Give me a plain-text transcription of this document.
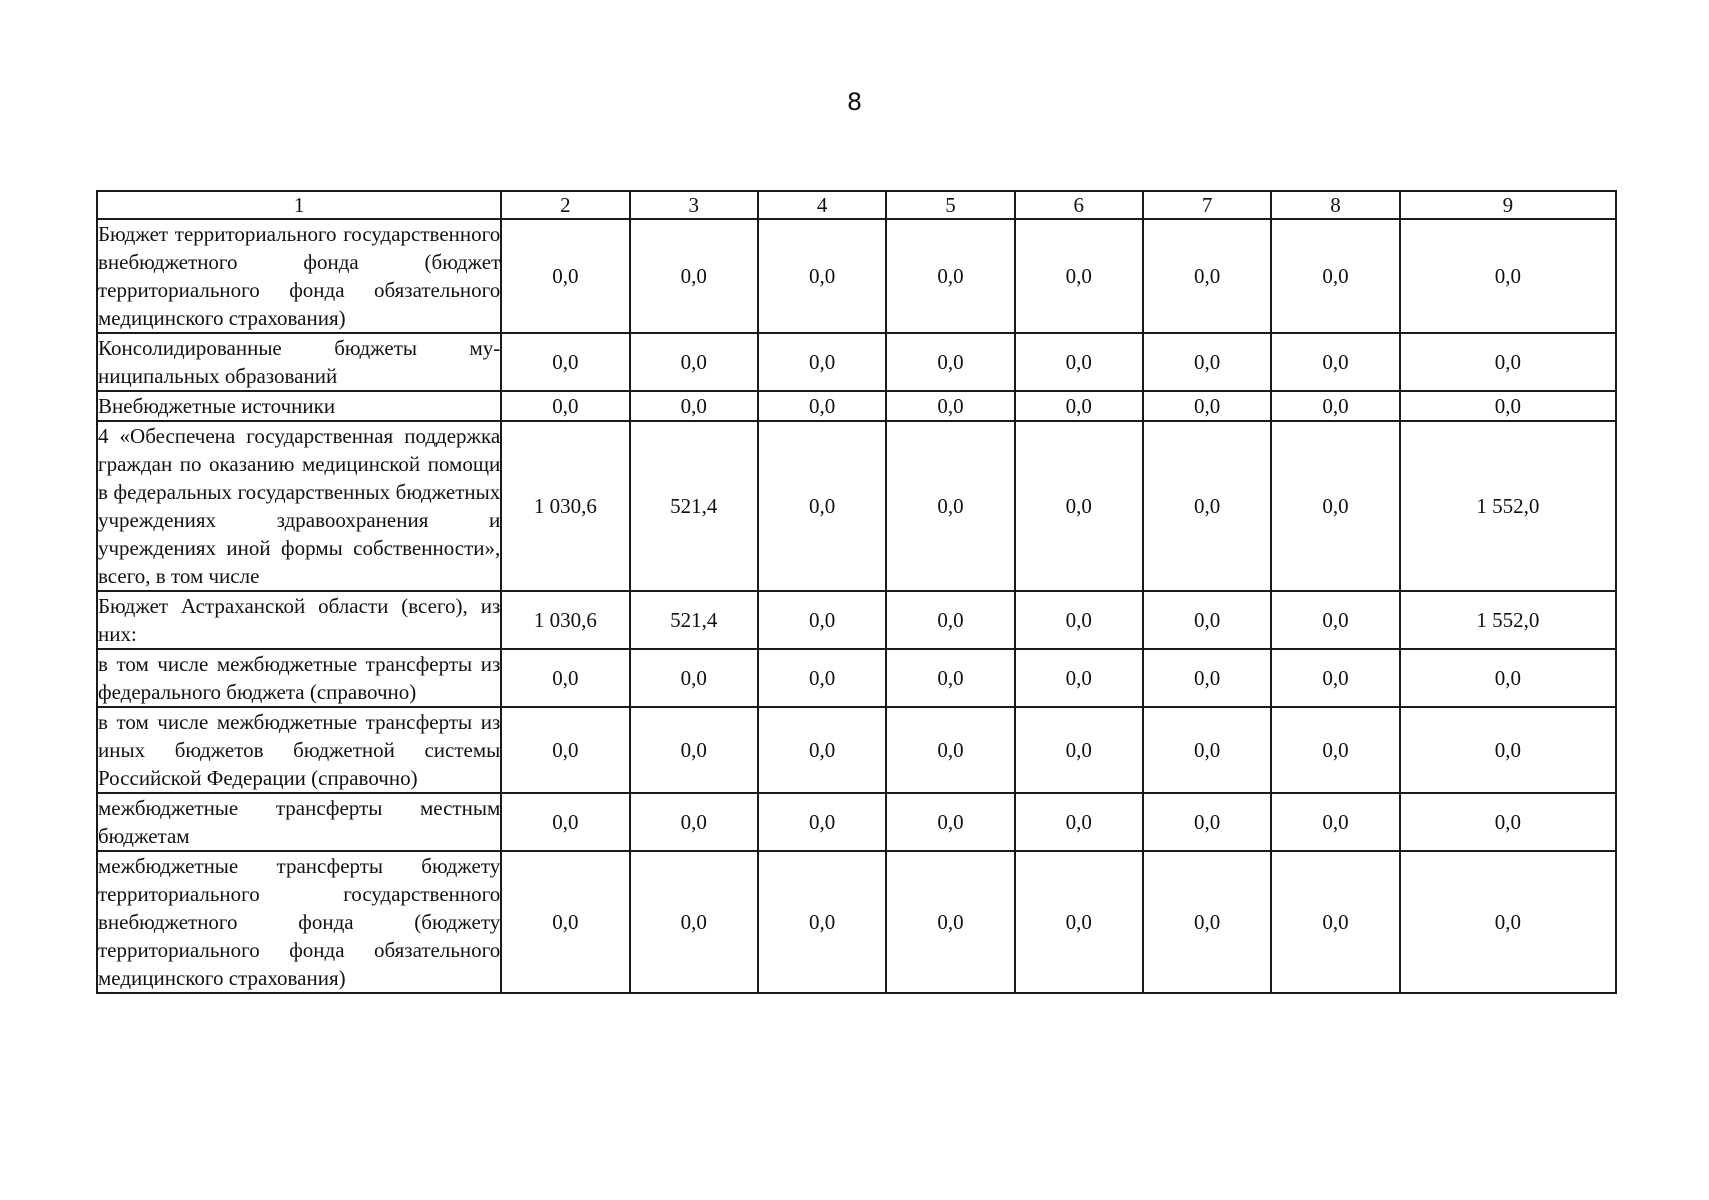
8
1	2	3	4	5	6	7	8	9
Бюджет территориального государственного внебюджетного фонда (бюджет территориального фонда обязательного медицинского страхования)	0,0	0,0	0,0	0,0	0,0	0,0	0,0	0,0
Консолидированные бюджеты муниципальных образований	0,0	0,0	0,0	0,0	0,0	0,0	0,0	0,0
Внебюджетные источники	0,0	0,0	0,0	0,0	0,0	0,0	0,0	0,0
4 «Обеспечена государственная поддержка граждан по оказанию медицинской помощи в федеральных государственных бюджетных учреждениях здравоохранения и учреждениях иной формы собственности», всего, в том числе	1 030,6	521,4	0,0	0,0	0,0	0,0	0,0	1 552,0
Бюджет Астраханской области (всего), из них:	1 030,6	521,4	0,0	0,0	0,0	0,0	0,0	1 552,0
в том числе межбюджетные трансферты из федерального бюджета (справочно)	0,0	0,0	0,0	0,0	0,0	0,0	0,0	0,0
в том числе межбюджетные трансферты из иных бюджетов бюджетной системы Российской Федерации (справочно)	0,0	0,0	0,0	0,0	0,0	0,0	0,0	0,0
межбюджетные трансферты местным бюджетам	0,0	0,0	0,0	0,0	0,0	0,0	0,0	0,0
межбюджетные трансферты бюджету территориального государственного внебюджетного фонда (бюджету территориального фонда обязательного медицинского страхования)	0,0	0,0	0,0	0,0	0,0	0,0	0,0	0,0
